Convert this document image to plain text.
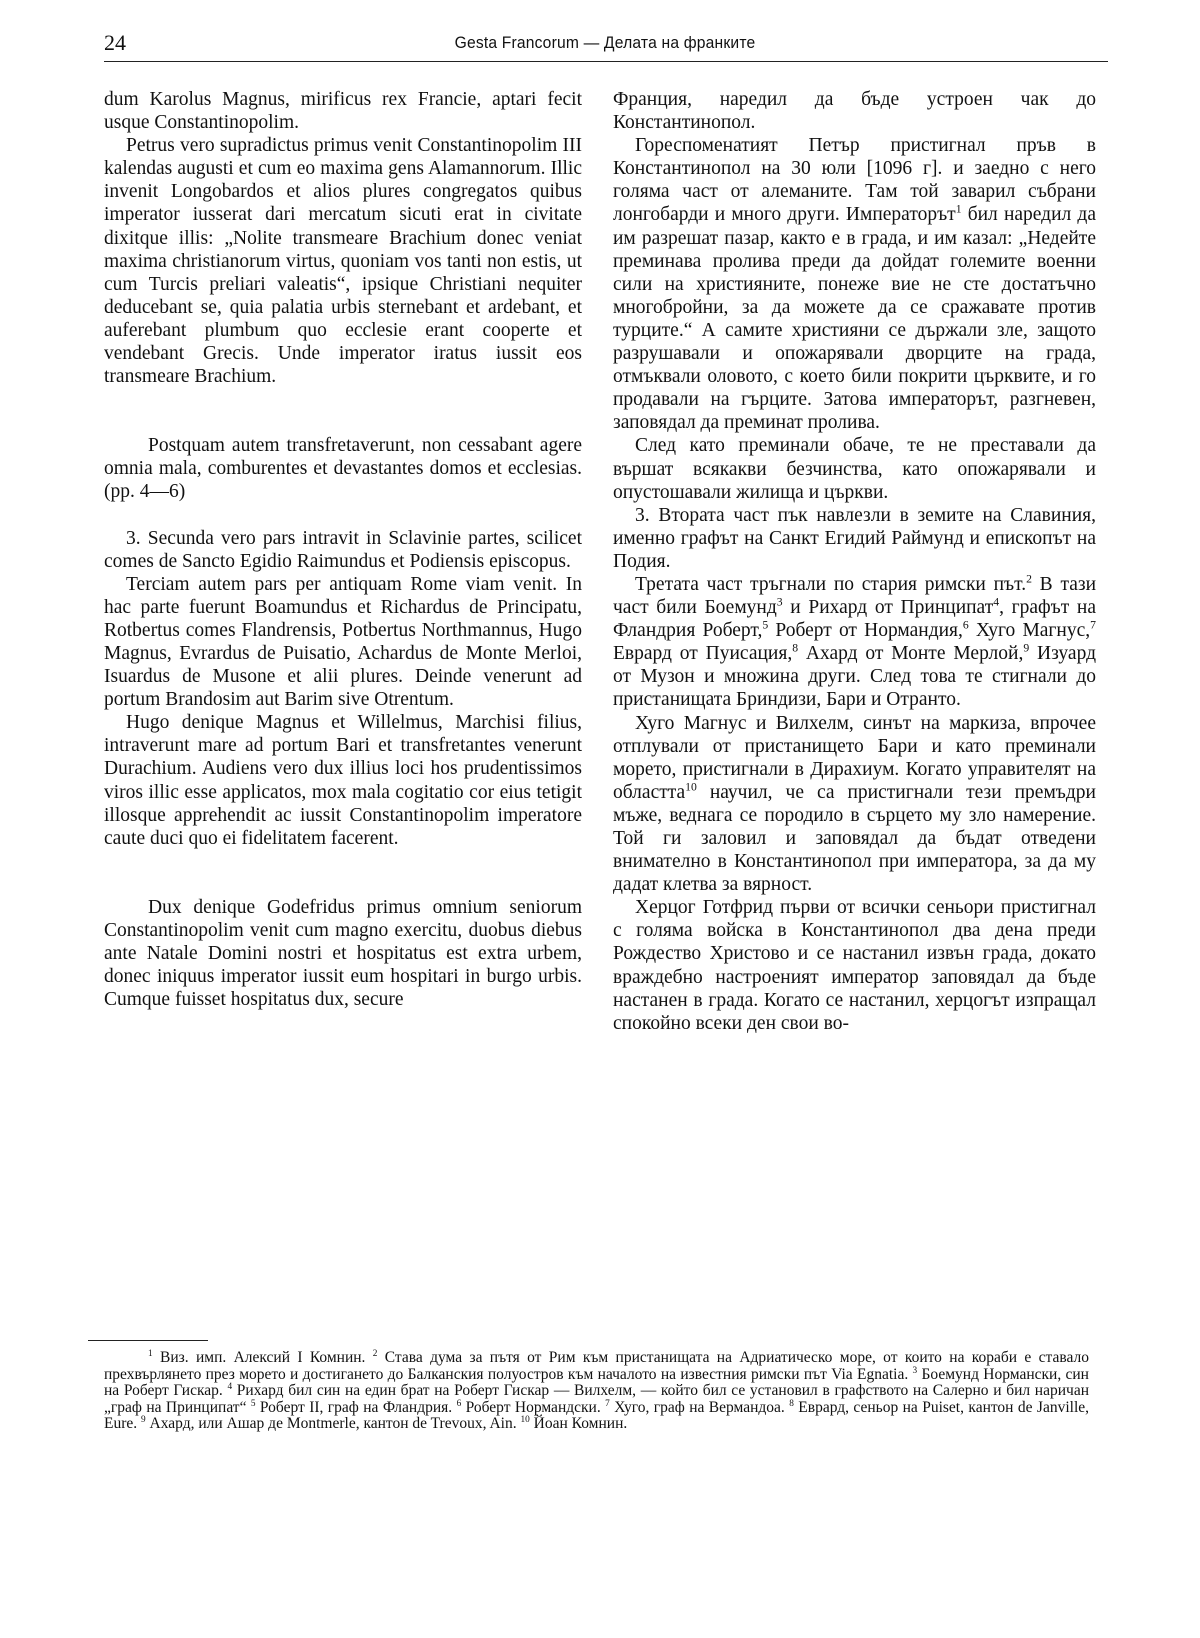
24	Gesta Francorum — Делата на франките

dum Karolus Magnus, mirificus rex Francie, aptari fecit usque Constantinopolim.

Petrus vero supradictus primus venit Constantinopolim III kalendas augusti et cum eo maxima gens Alamannorum. Illic invenit Longobardos et alios plures congregatos quibus imperator iusserat dari mercatum sicuti erat in civitate dixitque illis: „Nolite transmeare Brachium donec veniat maxima christianorum virtus, quoniam vos tanti non estis, ut cum Turcis preliari valeatis“, ipsique Christiani nequiter deducebant se, quia palatia urbis sternebant et ardebant, et auferebant plumbum quo ecclesie erant cooperte et vendebant Grecis. Unde imperator iratus iussit eos transmeare Brachium.

Postquam autem transfretaverunt, non cessabant agere omnia mala, comburentes et devastantes domos et ecclesias. (pp. 4—6)

3. Secunda vero pars intravit in Sclavinie partes, scilicet comes de Sancto Egidio Raimundus et Podiensis episcopus.

Terciam autem pars per antiquam Rome viam venit. In hac parte fuerunt Boamundus et Richardus de Principatu, Rotbertus comes Flandrensis, Potbertus Northmannus, Hugo Magnus, Evrardus de Puisatio, Achardus de Monte Merloi, Isuardus de Musone et alii plures. Deinde venerunt ad portum Brandosim aut Barim sive Otrentum.

Hugo denique Magnus et Willelmus, Marchisi filius, intraverunt mare ad portum Bari et transfretantes venerunt Durachium. Audiens vero dux illius loci hos prudentissimos viros illic esse applicatos, mox mala cogitatio cor eius tetigit illosque apprehendit ac iussit Constantinopolim imperatore caute duci quo ei fidelitatem facerent.

Dux denique Godefridus primus omnium seniorum Constantinopolim venit cum magno exercitu, duobus diebus ante Natale Domini nostri et hospitatus est extra urbem, donec iniquus imperator iussit eum hospitari in burgo urbis. Cumque fuisset hospitatus dux, secure

Франция, наредил да бъде устроен чак до Константинопол.

Гореспоменатият Петър пристигнал пръв в Константинопол на 30 юли [1096 г]. и заедно с него голяма част от алеманите. Там той заварил събрани лонгобарди и много други. Императорът$^1$ бил наредил да им разрешат пазар, както е в града, и им казал: „Недейте преминава пролива преди да дойдат големите военни сили на християните, понеже вие не сте достатъчно многобройни, за да можете да се сражавате против турците.“ А самите християни се държали зле, защото разрушавали и опожарявали дворците на града, отмъквали оловото, с което били покрити църквите, и го продавали на гърците. Затова императорът, разгневен, заповядал да преминат пролива.

След като преминали обаче, те не преставали да вършат всякакви безчинства, като опожарявали и опустошавали жилища и църкви.

3. Втората част пък навлезли в земите на Славиния, именно графът на Санкт Егидий Раймунд и епископът на Подия.

Третата част тръгнали по стария римски път.$^2$ В тази част били Боемунд$^3$ и Рихард от Принципат$^4$, графът на Фландрия Роберт,$^5$ Роберт от Нормандия,$^6$ Хуго Магнус,$^7$ Еврард от Пуисация,$^8$ Ахард от Монте Мерлой,$^9$ Изуард от Музон и множина други. След това те стигнали до пристанищата Бриндизи, Бари и Отранто.

Хуго Магнус и Вилхелм, синът на маркиза, впрочее отплували от пристанището Бари и като преминали морето, пристигнали в Дирахиум. Когато управителят на областта$^{10}$ научил, че са пристигнали тези премъдри мъже, веднага се породило в сърцето му зло намерение. Той ги заловил и заповядал да бъдат отведени внимателно в Константинопол при императора, за да му дадат клетва за вярност.

Херцог Готфрид първи от всички сеньори пристигнал с голяма войска в Константинопол два дена преди Рождество Христово и се настанил извън града, докато враждебно настроеният император заповядал да бъде настанен в града. Когато се настанил, херцогът изпращал спокойно всеки ден свои во-

$^1$ Виз. имп. Алексий I Комнин. $^2$ Става дума за пътя от Рим към пристанищата на Адриатическо море, от които на кораби е ставало прехвърлянето през морето и достигането до Балканския полуостров към началото на известния римски път Via Egnatia. $^3$ Боемунд Нормански, син на Роберт Гискар. $^4$ Рихард бил син на един брат на Роберт Гискар — Вилхелм, — който бил се установил в графството на Салерно и бил наричан „граф на Принципат“ $^5$ Роберт II, граф на Фландрия. $^6$ Роберт Нормандски. $^7$ Хуго, граф на Вермандоа. $^8$ Еврард, сеньор на Puiset, кантон de Janville, Eure. $^9$ Ахард, или Ашар де Montmerle, кантон de Trevoux, Ain. $^{10}$ Йоан Комнин.
